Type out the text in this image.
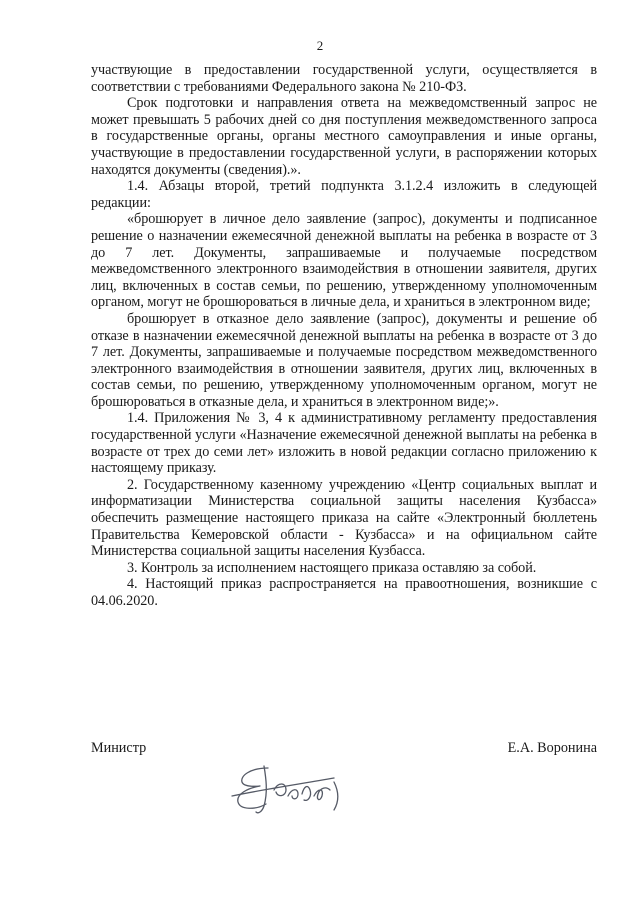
2

участвующие в предоставлении государственной услуги, осуществляется в соответствии с требованиями Федерального закона № 210-ФЗ.

Срок подготовки и направления ответа на межведомственный запрос не может превышать 5 рабочих дней со дня поступления межведомственного запроса в государственные органы, органы местного самоуправления и иные органы, участвующие в предоставлении государственной услуги, в распоряжении которых находятся документы (сведения).».

1.4. Абзацы второй, третий подпункта 3.1.2.4 изложить в следующей редакции:

«брошюрует в личное дело заявление (запрос), документы и подписанное решение о назначении ежемесячной денежной выплаты на ребенка в возрасте от 3 до 7 лет. Документы, запрашиваемые и получаемые посредством межведомственного электронного взаимодействия в отношении заявителя, других лиц, включенных в состав семьи, по решению, утвержденному уполномоченным органом, могут не брошюроваться в личные дела, и храниться в электронном виде;

брошюрует в отказное дело заявление (запрос), документы и решение об отказе в назначении ежемесячной денежной выплаты на ребенка в возрасте от 3 до 7 лет. Документы, запрашиваемые и получаемые посредством межведомственного электронного взаимодействия в отношении заявителя, других лиц, включенных в состав семьи, по решению, утвержденному уполномоченным органом, могут не брошюроваться в отказные дела, и храниться в электронном виде;».

1.4. Приложения № 3, 4 к административному регламенту предоставления государственной услуги «Назначение ежемесячной денежной выплаты на ребенка в возрасте от трех до семи лет» изложить в новой редакции согласно приложению к настоящему приказу.

2. Государственному казенному учреждению «Центр социальных выплат и информатизации Министерства социальной защиты населения Кузбасса» обеспечить размещение настоящего приказа на сайте «Электронный бюллетень Правительства Кемеровской области - Кузбасса» и на официальном сайте Министерства социальной защиты населения Кузбасса.

3. Контроль за исполнением настоящего приказа оставляю за собой.

4. Настоящий приказ распространяется на правоотношения, возникшие с 04.06.2020.

Министр	Е.А. Воронина
